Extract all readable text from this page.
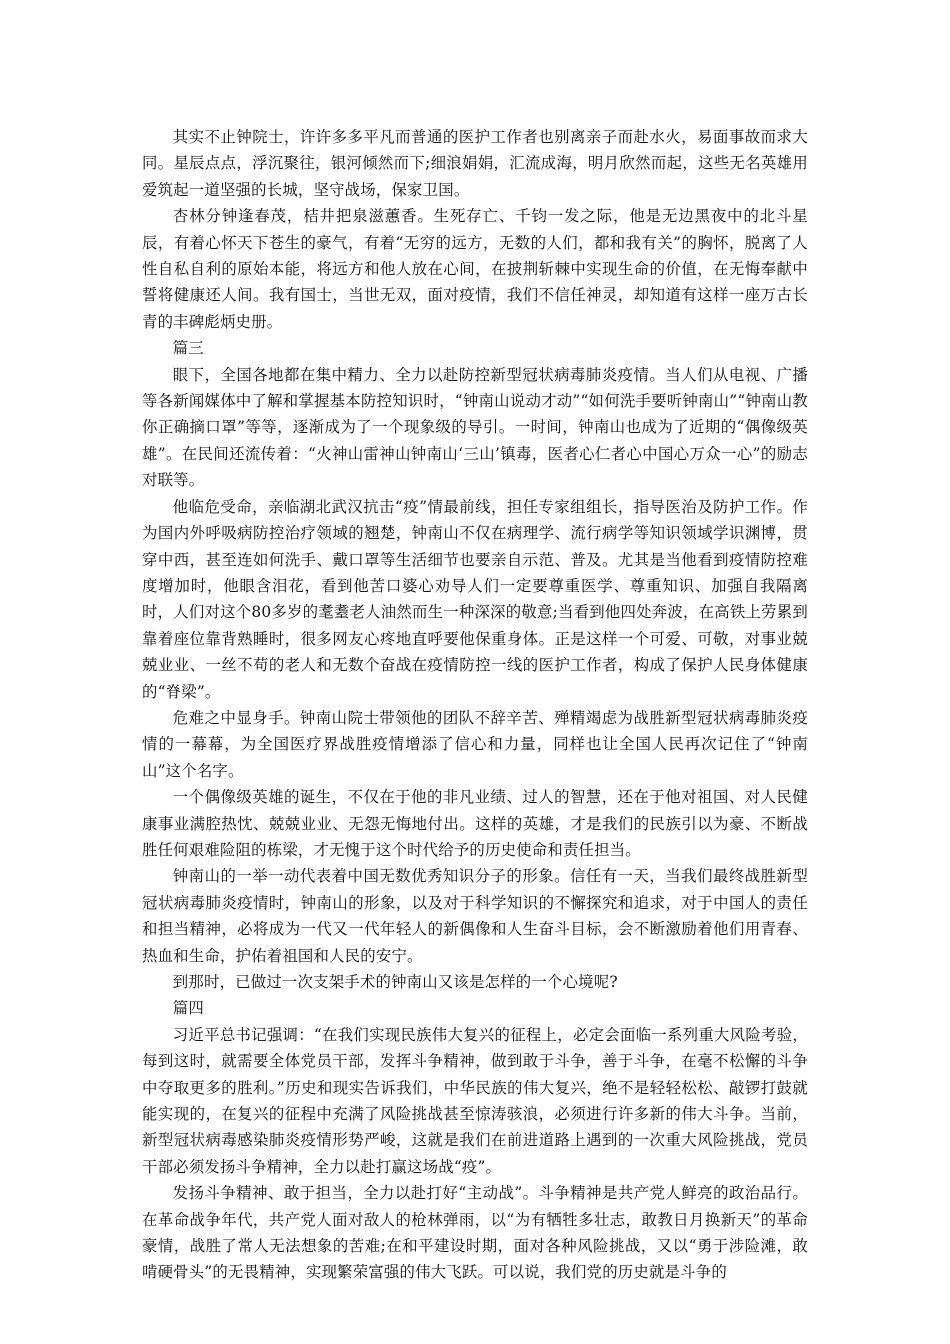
其实不止钟院士，许许多多平凡而普通的医护工作者也别离亲子而赴水火，易面事故而求大同。星辰点点，浮沉聚往，银河倾然而下;细浪娟娟，汇流成海，明月欣然而起，这些无名英雄用爱筑起一道坚强的长城，坚守战场，保家卫国。

杏林分钟逢春茂，桔井把泉滋蕙香。生死存亡、千钧一发之际，他是无边黑夜中的北斗星辰，有着心怀天下苍生的豪气，有着“无穷的远方，无数的人们，都和我有关”的胸怀，脱离了人性自私自利的原始本能，将远方和他人放在心间，在披荆斩棘中实现生命的价值，在无悔奉献中誓将健康还人间。我有国士，当世无双，面对疫情，我们不信任神灵，却知道有这样一座万古长青的丰碑彪炳史册。

篇三

眼下，全国各地都在集中精力、全力以赴防控新型冠状病毒肺炎疫情。当人们从电视、广播等各新闻媒体中了解和掌握基本防控知识时，“钟南山说动才动”“如何洗手要听钟南山”“钟南山教你正确摘口罩”等等，逐渐成为了一个现象级的导引。一时间，钟南山也成为了近期的“偶像级英雄”。在民间还流传着：“火神山雷神山钟南山‘三山’镇毒，医者心仁者心中国心万众一心”的励志对联等。

他临危受命，亲临湖北武汉抗击“疫”情最前线，担任专家组组长，指导医治及防护工作。作为国内外呼吸病防控治疗领域的翘楚，钟南山不仅在病理学、流行病学等知识领域学识渊博，贯穿中西，甚至连如何洗手、戴口罩等生活细节也要亲自示范、普及。尤其是当他看到疫情防控难度增加时，他眼含泪花，看到他苦口婆心劝导人们一定要尊重医学、尊重知识、加强自我隔离时，人们对这个80多岁的耄耋老人油然而生一种深深的敬意;当看到他四处奔波，在高铁上劳累到靠着座位靠背熟睡时，很多网友心疼地直呼要他保重身体。正是这样一个可爱、可敬，对事业兢兢业业、一丝不苟的老人和无数个奋战在疫情防控一线的医护工作者，构成了保护人民身体健康的“脊梁”。

危难之中显身手。钟南山院士带领他的团队不辞辛苦、殚精竭虑为战胜新型冠状病毒肺炎疫情的一幕幕，为全国医疗界战胜疫情增添了信心和力量，同样也让全国人民再次记住了“钟南山”这个名字。

一个偶像级英雄的诞生，不仅在于他的非凡业绩、过人的智慧，还在于他对祖国、对人民健康事业满腔热忱、兢兢业业、无怨无悔地付出。这样的英雄，才是我们的民族引以为豪、不断战胜任何艰难险阻的栋梁，才无愧于这个时代给予的历史使命和责任担当。

钟南山的一举一动代表着中国无数优秀知识分子的形象。信任有一天，当我们最终战胜新型冠状病毒肺炎疫情时，钟南山的形象，以及对于科学知识的不懈探究和追求，对于中国人的责任和担当精神，必将成为一代又一代年轻人的新偶像和人生奋斗目标，会不断激励着他们用青春、热血和生命，护佑着祖国和人民的安宁。

到那时，已做过一次支架手术的钟南山又该是怎样的一个心境呢?

篇四

习近平总书记强调：“在我们实现民族伟大复兴的征程上，必定会面临一系列重大风险考验，每到这时，就需要全体党员干部，发挥斗争精神，做到敢于斗争，善于斗争，在毫不松懈的斗争中夺取更多的胜利。”历史和现实告诉我们，中华民族的伟大复兴，绝不是轻轻松松、敲锣打鼓就能实现的，在复兴的征程中充满了风险挑战甚至惊涛骇浪，必须进行许多新的伟大斗争。当前，新型冠状病毒感染肺炎疫情形势严峻，这就是我们在前进道路上遇到的一次重大风险挑战，党员干部必须发扬斗争精神，全力以赴打赢这场战“疫”。

发扬斗争精神、敢于担当，全力以赴打好“主动战”。斗争精神是共产党人鲜亮的政治品行。在革命战争年代，共产党人面对敌人的枪林弹雨，以“为有牺牲多壮志，敢教日月换新天”的革命豪情，战胜了常人无法想象的苦难;在和平建设时期，面对各种风险挑战，又以“勇于涉险滩，敢啃硬骨头”的无畏精神，实现繁荣富强的伟大飞跃。可以说，我们党的历史就是斗争的
